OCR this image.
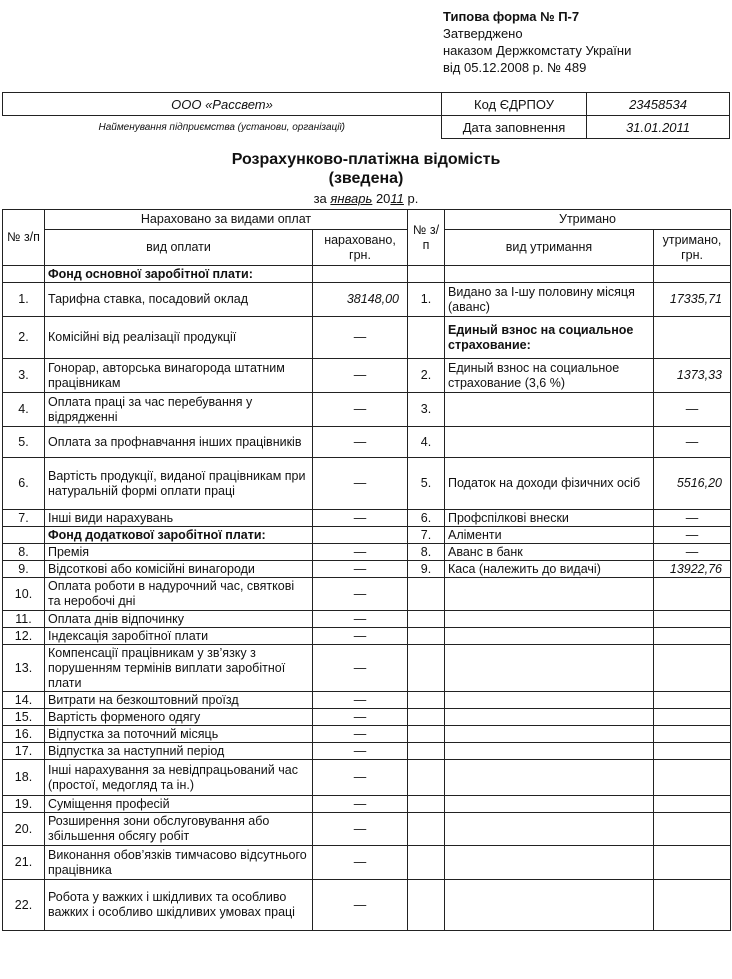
Типова форма № П-7
Затверджено
наказом Держкомстату України
від 05.12.2008 р. № 489
ООО «Рассвет»	Код ЄДРПОУ	23458534
Найменування підприємства (установи, організації)	Дата заповнення	31.01.2011
Розрахунково-платіжна відомість
(зведена)
за январь 2011 р.
№ з/п	Нараховано за видами оплат		№ з/п	Утримано	
	вид оплати	нараховано, грн.		вид утримання	утримано, грн.
	Фонд основної заробітної плати:				
1.	Тарифна ставка, посадовий оклад	38148,00	1.	Видано за І-шу половину місяця (аванс)	17335,71
2.	Комісійні від реалізації продукції	—		Единый взнос на социальное страхование:	
3.	Гонорар, авторська винагорода штатним працівникам	—	2.	Единый взнос на социальное страхование (3,6 %)	1373,33
4.	Оплата праці за час перебування у відрядженні	—	3.		—
5.	Оплата за профнавчання інших працівників	—	4.		—
6.	Вартість продукції, виданої працівникам при натуральній формі оплати праці	—	5.	Податок на доходи фізичних осіб	5516,20
7.	Інші види нарахувань	—	6.	Профспілкові внески	—
	Фонд додаткової заробітної плати:		7.	Аліменти	—
8.	Премія	—	8.	Аванс в банк	—
9.	Відсоткові або комісійні винагороди	—	9.	Каса (належить до видачі)	13922,76
10.	Оплата роботи в надурочний час, святкові та неробочі дні	—			
11.	Оплата днів відпочинку	—			
12.	Індексація заробітної плати	—			
13.	Компенсації працівникам у зв’язку з порушенням термінів виплати заробітної плати	—			
14.	Витрати на безкоштовний проїзд	—			
15.	Вартість форменого одягу	—			
16.	Відпустка за поточний місяць	—			
17.	Відпустка за наступний період	—			
18.	Інші нарахування за невідпрацьований час (простої, медогляд та ін.)	—			
19.	Суміщення професій	—			
20.	Розширення зони обслуговування або збільшення обсягу робіт	—			
21.	Виконання обов’язків тимчасово відсутнього працівника	—			
22.	Робота у важких і шкідливих та особливо важких і особливо шкідливих умовах праці	—			
